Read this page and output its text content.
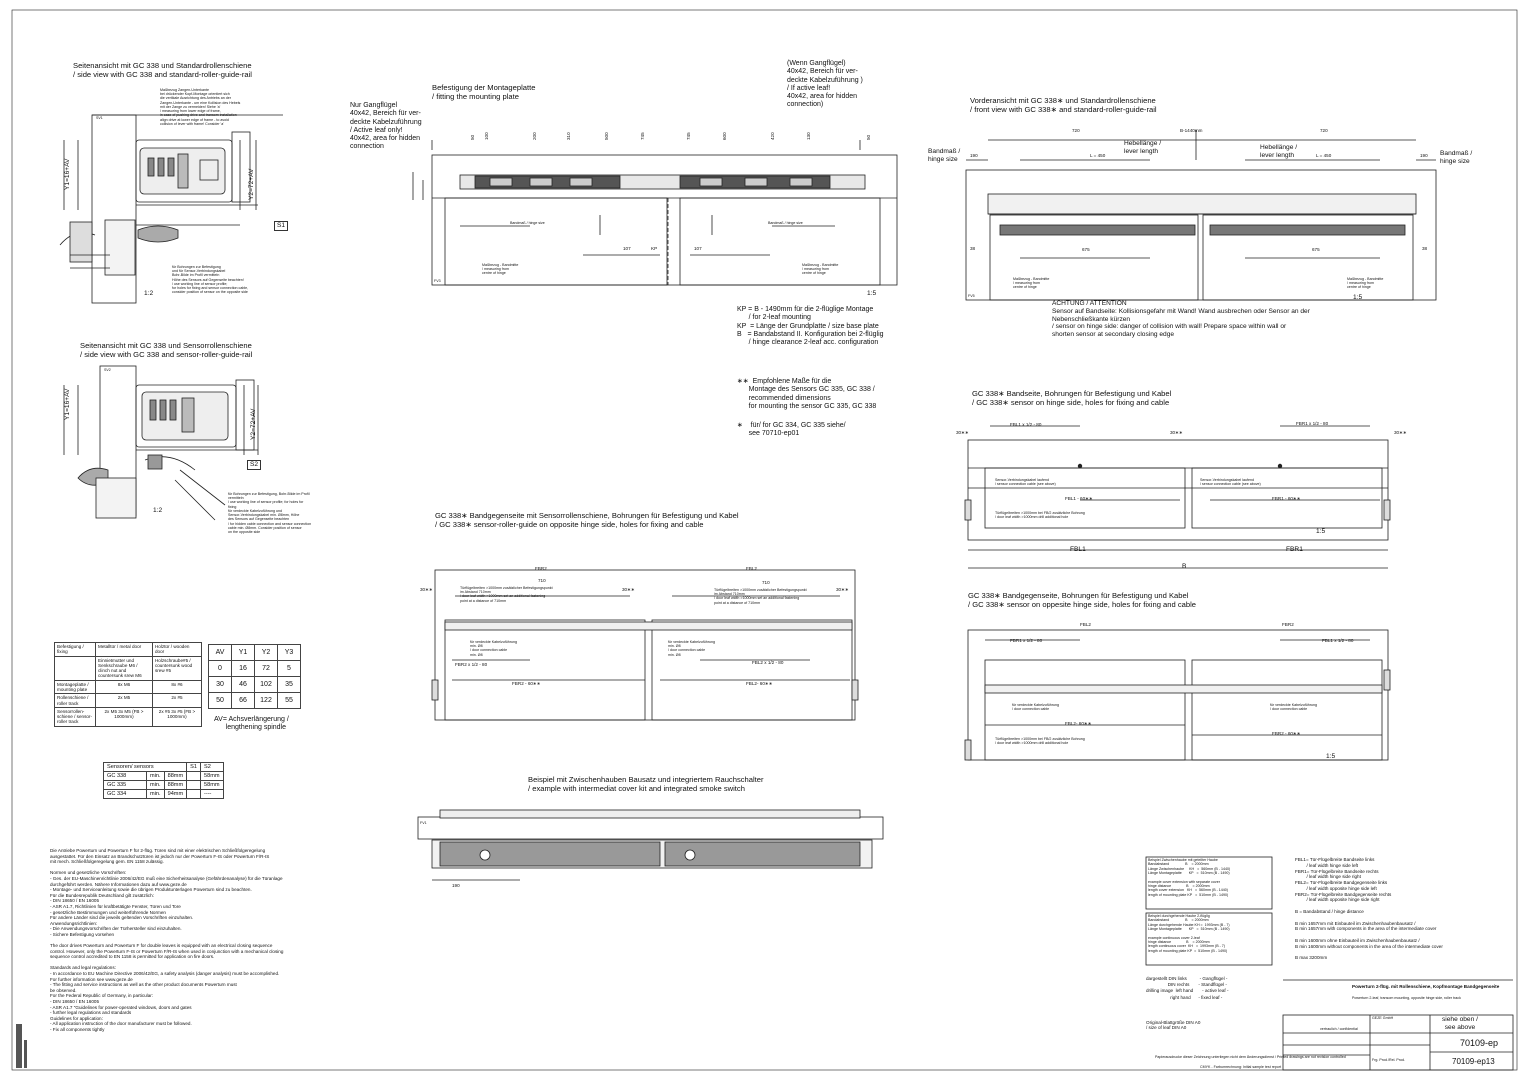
Seitenansicht mit GC 338 und Standardrollenschiene
/ side view with GC 338 and standard-roller-guide-rail
Seitenansicht mit GC 338 und Sensorrollenschiene
/ side view with GC 338 and sensor-roller-guide-rail
Befestigung der Montageplatte
/ fitting the mounting plate	Vorderansicht mit GC 338∗ und Standardrollenschiene
/ front view with GC 338∗ and standard-roller-guide-rail
GC 338∗ Bandseite, Bohrungen für Befestigung und Kabel
/ GC 338∗ sensor on hinge side, holes for fixing and cable
GC 338∗ Bandgegenseite mit Sensorrollenschiene, Bohrungen für Befestigung und Kabel
/ GC 338∗ sensor-roller-guide on opposite hinge side, holes for fixing and cable
GC 338∗ Bandgegenseite, Bohrungen für Befestigung und Kabel
/ GC 338∗ sensor on oppesite hinge side, holes for fixing and cable
Beispiel mit Zwischenhauben Bausatz und integriertem Rauchschalter
/ example with intermediat cover kit and integrated smoke switch
Nur Gangflügel
40x42, Bereich für ver-
deckte Kabelzuführung
/ Active leaf only!
40x42, area for hidden
connection
(Wenn Gangflügel)
40x42, Bereich für ver-
deckte Kabelzuführung )
/ If active leaf!
40x42, area for hidden
connection)
KP = B - 1490mm für die 2-flüglige Montage
/ for 2-leaf mounting
KP  = Länge der Grundplatte / size base plate
B   = Bandabstand II. Konfiguration bei 2-flüglig
/ hinge clearance 2-leaf acc. configuration
∗∗  Empfohlene Maße für die
Montage des Sensors GC 335, GC 338 /
recommended dimensions
for mounting the sensor GC 335, GC 338
∗    für/ for GC 334, GC 335 siehe/
see 70710-ep01
ACHTUNG / ATTENTION
Sensor auf Bandseite: Kollisionsgefahr mit Wand! Wand ausbrechen oder Sensor an der
Nebenschließkante kürzen
/ sensor on hinge side: danger of collision with wall! Prepare space within wall or
shorten sensor at secondary closing edge
Maßbezug Zangen-Unterkante
bei drückender Kopf-Montage orientiert sich
die vertikale Ausrichtung des Antriebs an der
Zangen-Unterkante - um eine Kollision des Hebels
mit der Zange zu vermeiden! Siehe 'a'
/ measuring from lower edge of frame,
in case of pushing drive and transom installation
align drive at lower edge of frame - to avoid
collision of lever with frame! Consider 'a'
für Bohrungen zur Befestigung
und für Sensor-Verbindungskabel
Bohr-Bilde im Profil vermitteln
Höhe des Sensors auf Gegenseite beachten!
/ use working line of sensor profile;
for holes for fixing and sensor connection cable,
consider position of sensor on the opposite side
für Bohrungen zur Befestigung, Bohr-Bilde im Profil
vermitteln
/ use working line of sensor profile; for holes for
fixing
für verdeckte Kabelzuführung und
Sensor-Verbindungskabel min. Ø8mm, Höhe
des Sensors auf Gegenseite beachten
/ for hidden cable connection and sensor connection
cable min. Ø8mm. Consider position of sensor
on the opposite side
Maßbezug - Bandmitte
/ measuring from
centre of hinge
Maßbezug - Bandmitte
/ measuring from
centre of hinge
Maßbezug - Bandmitte
/ measuring from
centre of hinge
Maßbezug - Bandmitte
/ measuring from
centre of hinge
Y1=16+AV	Y2=72+AV
Y1=16+AV
Y2=72+AV
S1
S2
1:2
1:2
1:5
1:5
1:5
1:5
SV1
SV2
FV3
FV5
FV1
Bandmaß /
hinge size
Bandmaß /
hinge size
Hebellänge /
lever length
Hebellänge /
lever length
720	720
B-1440mm
190	190
L = 450	L = 450
675	675
38	38
KP
107	107
Bandmaß / hinge size	Bandmaß / hinge size
50 100	200	310	500	745	745	600	420	130	50
FBL1 x 1/2 - 80	FBR1 x 1/2 - 80
FBL1 - 60∗∗	FBR1 - 60∗∗
FBL1	FBR1
B
30∗∗	30∗∗	30∗∗
Sensor-Verbindungskabel laufend
/ sensor connection cable (see above)
Sensor-Verbindungskabel laufend
/ sensor connection cable (see above)
Türflügelbreiten >1000mm bei FB/2 zusätzliche Bohrung
/ door leaf width >1000mm drill additional hole
FBL2	FBR2
FBR1 x 1/2 - 80	FBL1 x 1/2 - 80
FBL2- 60∗∗
FBR2 - 60∗∗
für verdeckte Kabelzuführung
/ door connection cable
für verdeckte Kabelzuführung
/ door connection cable
Türflügelbreiten >1000mm bei FB/2 zusätzliche Bohrung
/ door leaf width >1000mm drill additional hole
FBR2	FBL2
710	710
Türflügelbreiten >1000mm zusätzlicher Befestigungspunkt
im Abstand 710mm
/ door leaf width >1000mm set an additional fastening
point at a distance of 710mm
Türflügelbreiten >1000mm zusätzlicher Befestigungspunkt
im Abstand 710mm
/ door leaf width >1000mm set an additional fastening
point at a distance of 710mm
FBR2 x 1/2 - 80	FBL2 x 1/2 - 80
FBR2 - 60∗∗	FBL2- 60∗∗
für verdeckte Kabelzuführung
min. Ø8
/ door connection cable
min. Ø8
für verdeckte Kabelzuführung
min. Ø8
/ door connection cable
min. Ø8
30∗∗	30∗∗	30∗∗
190
Befestigung / fixing	Metalltür / metal door	Holztür / wooden door
	Einnietmutter und Senkschraube M6 / clinch nut and countersunk srew M6	Holzschraube#5 / countersunk wood srew #5
Montageplatte / mounting plate	8x M6	8x #6
Rollenschiene / roller track	2x M5	2x #5
Sensorrollen- schiene / sensor-roller track	2x M5 3x M5 (FB > 1000mm)	2x #5 3x #5 (FB > 1000mm)
AV	Y1	Y2	Y3
0	16	72	5
30	46	102	35
50	66	122	55
AV= Achsverlängerung /
lengthening spindle
Sensoren/ sensors			S1	S2
GC 338	min.	88mm		58mm
GC 335	min.	88mm		58mm
GC 334	min.	94mm		----
Die Antriebe Powerturn und Powerturn F für 2-flüg. Türen sind mit einer elektrischen Schließfolgeregelung
ausgestattet. Für den Einsatz an Brandschutztüren ist jedoch nur der Powerturn F-IS oder Powerturn F/R-IS
mit mech. Schließfolgeregelung gem. EN 1158 zulässig.

Normen und gesetzliche Vorschriften:
- Ges. der EU-Maschinenrichtlinie 2006/42/EG muß eine Sicherheitsanalyse (Gefährdenanalyse) für die Türanlage
durchgeführt werden. Nähere Informationen dazu auf www.geze.de
- Montage- und Serviceanleitung sowie die übrigen Produktunterlagen Powerturn sind zu beachten.
Für die Bundesrepublik Deutschland gilt zusätzlich:
- DIN 18650 / EN 16005
- ASR A1.7, Richtlinien für kraftbetätigte Fenster, Türen und Tore
- gesetzliche Bestimmungen und weiterführende Normen
Für andere Länder sind die jeweils geltenden Vorschriften einzuhalten.
Anwendungsrichtlinien:
- Die Anwendungsvorschriften der Türhersteller sind einzuhalten.
- Sichere Befestigung vorsehen

The door drives Powerturn and Powerturn F for double leaves is equipped with an electrical closing sequence
control. However, only the Powerturn F-IS or Powerturn F/R-IS when used in conjunction with a mechanical closing
sequence control accredited to EN 1158 is permitted for application on fire doors.

Standards and legal regulations:
- In accordance to EU Machine Directive 2006/42/EG, a safety analysis (danger analysis) must be accomplished.
For further information see www.geze.de
- The fitting and service instructions as well as the other product documents Powerturn must
be observed.
For the Federal Republic of Germany, in particular:
- DIN 18650 / EN 16005
- ASR A1.7 "Guidelines for power-operated windows, doors and gates
- further legal regulations and standards
Guidelines for application:
- All application instruction of the door manufacturer must be followed.
- Fix all components tightly
Beispiel Zwischenhaube mit geteilter Haube
Bandabstand                B    = 2000mm
Länge Zwischenhaube     KH   =  560mm (B - 1440)
Länge Montageplatte       KP   =  510mm (B - 1490)

example cover extension with separate cover
hinge distance               B    = 2000mm
length cover extension   KH   =  560mm (B - 1440)
length of mounting plate KP   =  510mm (B - 1490)
Beispiel durchgehende Haube 2-flüglig
Bandabstand                B    = 2000mm
Länge durchgehende Haube KH =  1993mm (B - 7)
Länge Montageplatte       KP   =  510mm (B - 1490)

example continuous cover 2-leaf
hinge distance               B    = 2000mm
length continuous cover  KH   =  1993mm (B - 7)
length of mounting plate KP  =  510mm (B - 1490)
FBL1= Tür-Flügelbreite Bandseite links
/ leaf width hinge side left
FBR1= Tür-Flügelbreite Bandseite rechts
/ leaf width hinge side right
FBL2= Tür-Flügelbreite Bandgegenseite links
/ leaf width opposite hinge side left
FBR2= Tür-Flügelbreite Bandgegenseite rechts
/ leaf width opposite hinge side right

B = Bandabstand / hinge distance

B min 1657mm mit Einbauteil im Zwischenhaubenbausatz /
B min 1657mm with components in the area of the intermediate cover

B min 1600mm ohne Einbauteil im Zwischenhaubenbausatz /
B min 1600mm without components in the area of the intermediate cover

B max 3200mm
dargestellt DIN links          - Gangflügel -
DIN rechts       - Standflügel -
drilling image  left hand       - active leaf -
right hand      - fixed leaf -
Original-Blattgröße DIN A0
/ size of leaf DIN A0
Powerturn 2-flüg. mit Rollenschiene, Kopfmontage Bandgegenseite
Powerturn 2-leaf, transom mounting, opposite hinge side, roller track
siehe oben /
see above
70109-ep
70109-ep13
GEZE GmbH
vertraulich / confidential
Frg. Prod./Rel. Prod.
Papierausdrucke dieser Zeichnung unterliegen nicht dem Änderungsdienst / Printed drawings are not revision controlled
CMYK - Farbumrechnung: Initial sample test report
